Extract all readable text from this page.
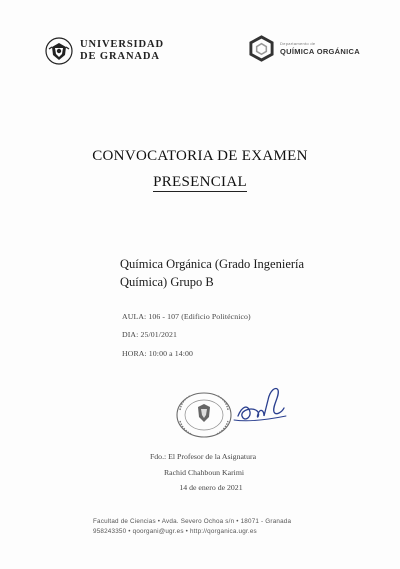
UNIVERSIDAD
DE GRANADA
Departamento de
QUÍMICA ORGÁNICA
CONVOCATORIA DE EXAMEN
PRESENCIAL
Química Orgánica (Grado Ingeniería Química) Grupo B
AULA: 106 - 107 (Edificio Politécnico)
DIA: 25/01/2021
HORA: 10:00 a 14:00
Fdo.: El Profesor de la Asignatura
Rachid Chahboun Karimi
14 de enero de 2021
Facultad de Ciencias • Avda. Severo Ochoa s/n • 18071 - Granada
958243350 • qoorgani@ugr.es • http://qorganica.ugr.es
